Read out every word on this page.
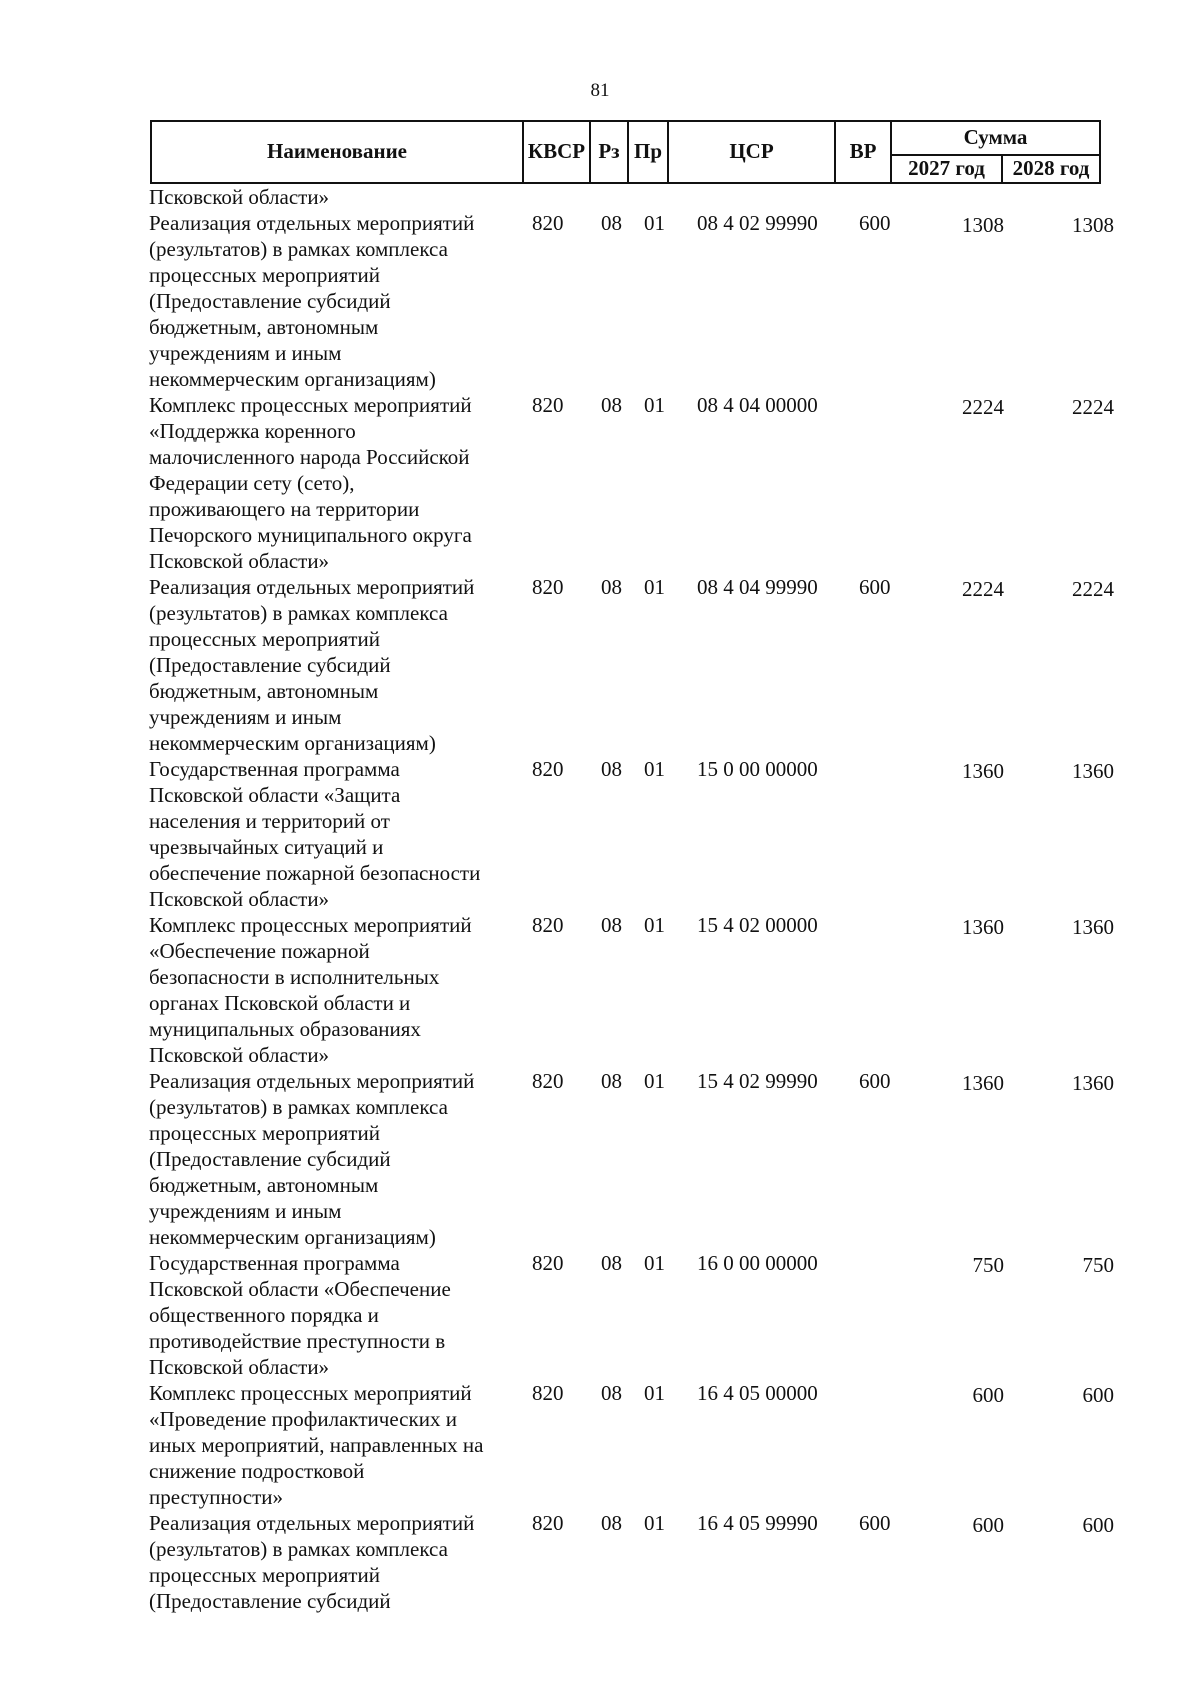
81
Наименование	КВСР	Рз	Пр	ЦСР	ВР	Сумма	
						2027 год	2028 год
Псковской области»
Реализация отдельных мероприятий
(результатов) в рамках комплекса
процессных мероприятий
(Предоставление субсидий
бюджетным, автономным
учреждениям и иным
некоммерческим организациям)
820 08 01 08 4 02 99990 600	1308	1308
Комплекс процессных мероприятий
«Поддержка коренного
малочисленного народа Российской
Федерации сету (сето),
проживающего на территории
Печорского муниципального округа
Псковской области»
820 08 01 08 4 04 00000	2224	2224
Реализация отдельных мероприятий
(результатов) в рамках комплекса
процессных мероприятий
(Предоставление субсидий
бюджетным, автономным
учреждениям и иным
некоммерческим организациям)
820 08 01 08 4 04 99990 600	2224	2224
Государственная программа
Псковской области «Защита
населения и территорий от
чрезвычайных ситуаций и
обеспечение пожарной безопасности
Псковской области»
820 08 01 15 0 00 00000	1360	1360
Комплекс процессных мероприятий
«Обеспечение пожарной
безопасности в исполнительных
органах Псковской области и
муниципальных образованиях
Псковской области»
820 08 01 15 4 02 00000	1360	1360
Реализация отдельных мероприятий
(результатов) в рамках комплекса
процессных мероприятий
(Предоставление субсидий
бюджетным, автономным
учреждениям и иным
некоммерческим организациям)
820 08 01 15 4 02 99990 600	1360	1360
Государственная программа
Псковской области «Обеспечение
общественного порядка и
противодействие преступности в
Псковской области»
820 08 01 16 0 00 00000	750	750
Комплекс процессных мероприятий
«Проведение профилактических и
иных мероприятий, направленных на
снижение подростковой
преступности»
820 08 01 16 4 05 00000	600	600
Реализация отдельных мероприятий
(результатов) в рамках комплекса
процессных мероприятий
(Предоставление субсидий
820 08 01 16 4 05 99990 600	600	600
